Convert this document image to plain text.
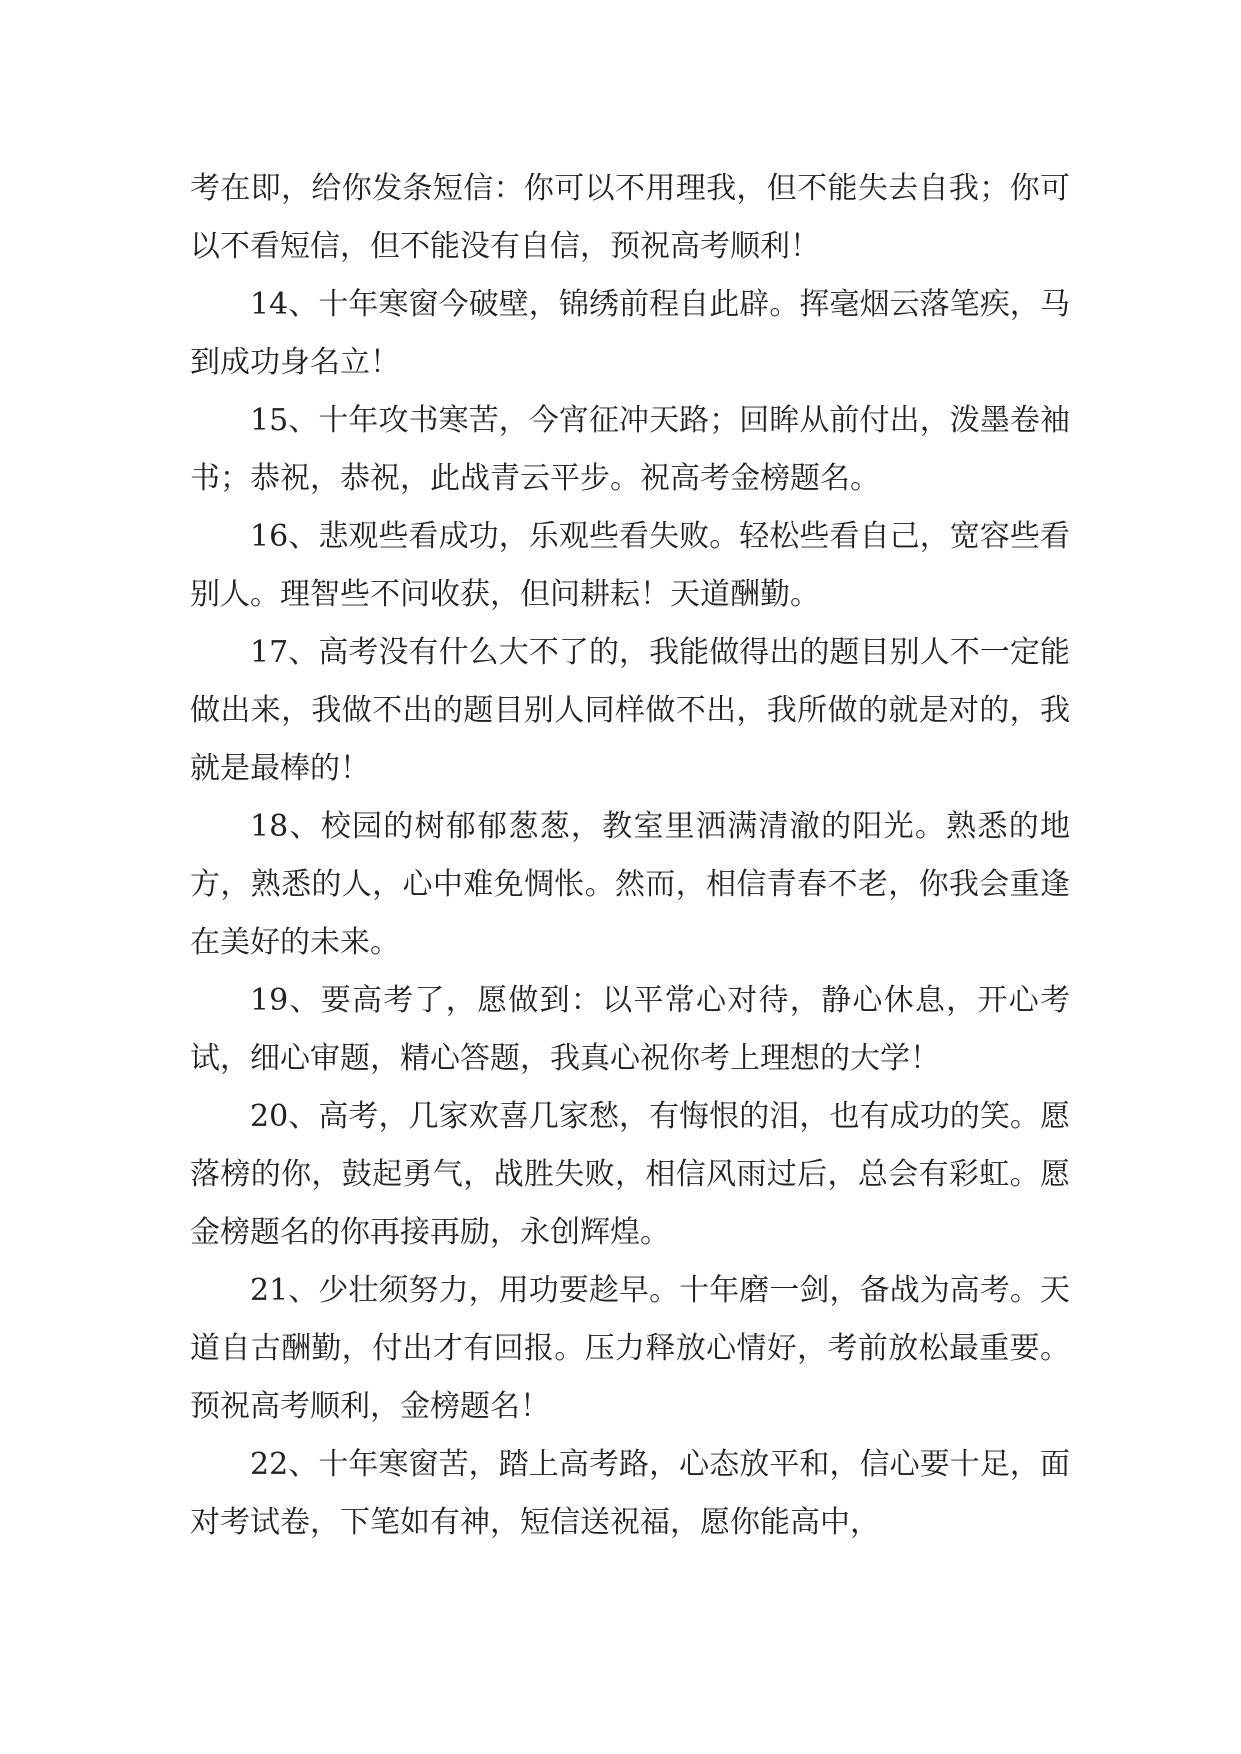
考在即，给你发条短信：你可以不用理我，但不能失去自我；你可以不看短信，但不能没有自信，预祝高考顺利！

14、十年寒窗今破壁，锦绣前程自此辟。挥毫烟云落笔疾，马到成功身名立！

15、十年攻书寒苦，今宵征冲天路；回眸从前付出，泼墨卷袖书；恭祝，恭祝，此战青云平步。祝高考金榜题名。

16、悲观些看成功，乐观些看失败。轻松些看自己，宽容些看别人。理智些不问收获，但问耕耘！天道酬勤。

17、高考没有什么大不了的，我能做得出的题目别人不一定能做出来，我做不出的题目别人同样做不出，我所做的就是对的，我就是最棒的！

18、校园的树郁郁葱葱，教室里洒满清澈的阳光。熟悉的地方，熟悉的人，心中难免惆怅。然而，相信青春不老，你我会重逢在美好的未来。

19、要高考了，愿做到：以平常心对待，静心休息，开心考试，细心审题，精心答题，我真心祝你考上理想的大学！

20、高考，几家欢喜几家愁，有悔恨的泪，也有成功的笑。愿落榜的你，鼓起勇气，战胜失败，相信风雨过后，总会有彩虹。愿金榜题名的你再接再励，永创辉煌。

21、少壮须努力，用功要趁早。十年磨一剑，备战为高考。天道自古酬勤，付出才有回报。压力释放心情好，考前放松最重要。预祝高考顺利，金榜题名！

22、十年寒窗苦，踏上高考路，心态放平和，信心要十足，面对考试卷，下笔如有神，短信送祝福，愿你能高中，
